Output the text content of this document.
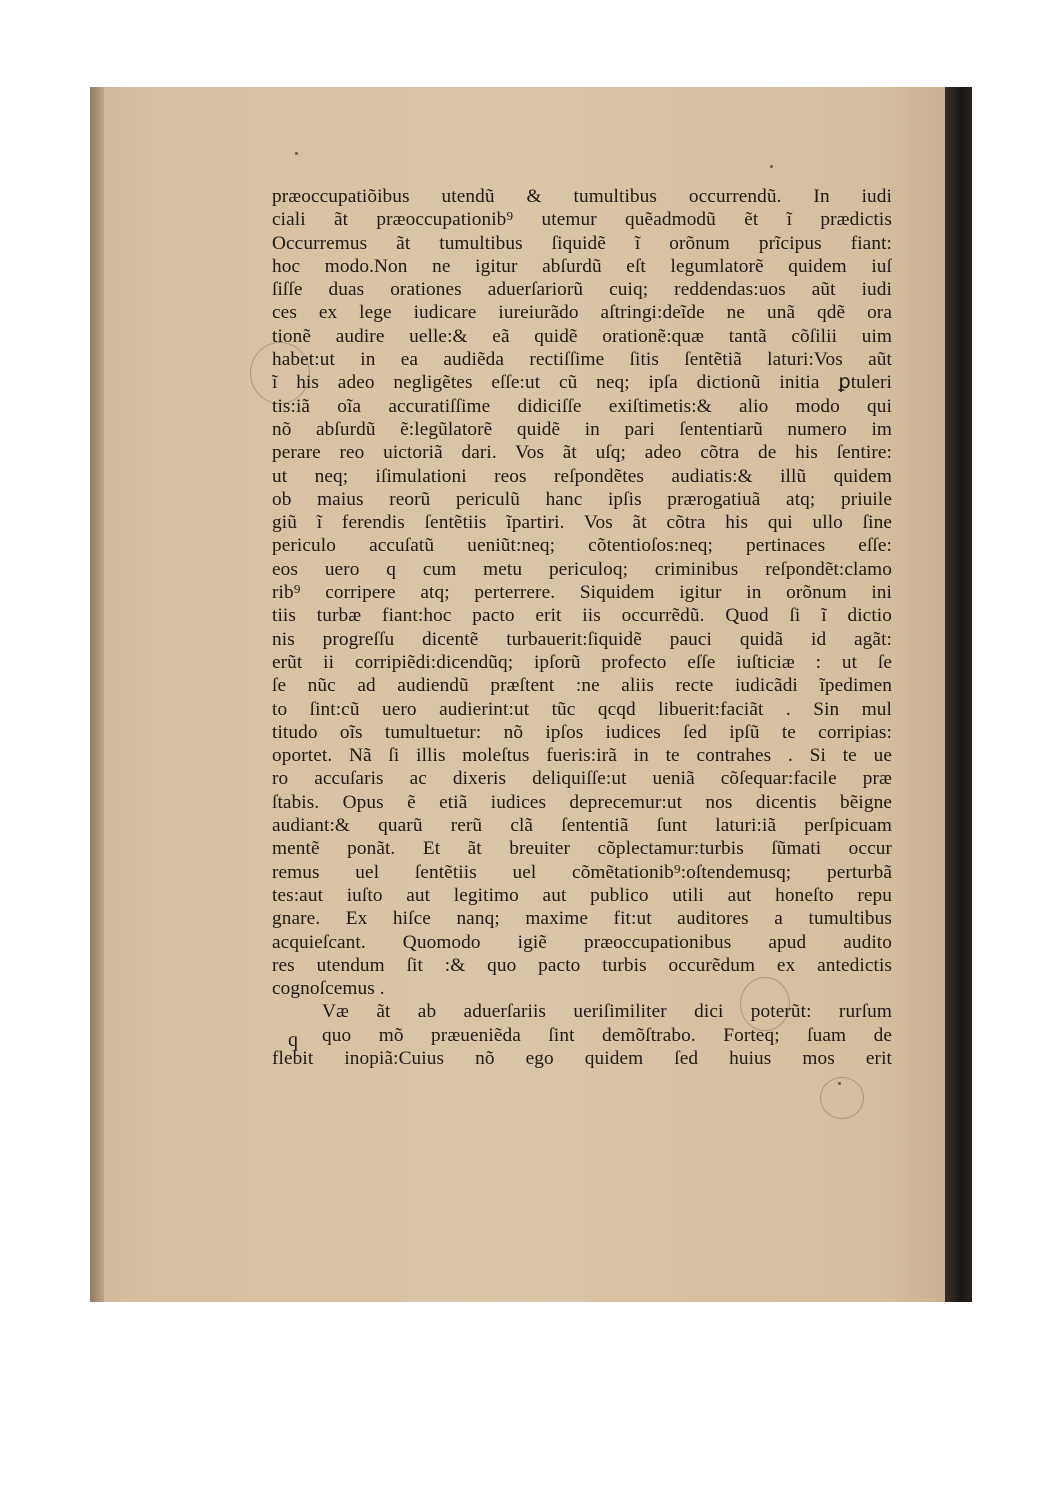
præoccupatiõibus utendũ & tumultibus occurrendũ. In iudi
ciali ãt præoccupationib⁹ utemur quẽadmodũ ẽt ĩ prædictis
Occurremus ãt tumultibus ſiquidẽ ĩ orõnum prĩcipus fiant:
hoc modo.Non ne igitur abſurdũ eſt legumlatorẽ quidem iuſ
ſiſſe duas orationes aduerſariorũ cuiq; reddendas:uos aũt iudi
ces ex lege iudicare iureiurãdo aſtringi:deĩde ne unã qdẽ ora
tionẽ audire uelle:& eã quidẽ orationẽ:quæ tantã cõſilii uim
habet:ut in ea audiẽda rectiſſime ſitis ſentẽtiã laturi:Vos aũt
ĩ his adeo negligẽtes eſſe:ut cũ neq; ipſa dictionũ initia ꝑtuleri
tis:iã oĩa accuratiſſime didiciſſe exiſtimetis:& alio modo qui
nõ abſurdũ ẽ:legũlatorẽ quidẽ in pari ſententiarũ numero im
perare reo uictoriã dari. Vos ãt uſq; adeo cõtra de his ſentire:
ut neq; iſimulationi reos reſpondẽtes audiatis:& illũ quidem
ob maius reorũ periculũ hanc ipſis prærogatiuã atq; priuile
giũ ĩ ferendis ſentẽtiis ĩpartiri. Vos ãt cõtra his qui ullo ſine
periculo accuſatũ ueniũt:neq; cõtentioſos:neq; pertinaces eſſe:
eos uero q cum metu periculoq; criminibus reſpondẽt:clamo
rib⁹ corripere atq; perterrere. Siquidem igitur in orõnum ini
tiis turbæ fiant:hoc pacto erit iis occurrẽdũ. Quod ſi ĩ dictio
nis progreſſu dicentẽ turbauerit:ſiquidẽ pauci quidã id agãt:
erũt ii corripiẽdi:dicendũq; ipſorũ profecto eſſe iuſticiæ : ut ſe
ſe nũc ad audiendũ præſtent :ne aliis recte iudicãdi ĩpedimen
to ſint:cũ uero audierint:ut tũc qcqd libuerit:faciãt . Sin mul
titudo oĩs tumultuetur: nõ ipſos iudices ſed ipſũ te corripias:
oportet. Nã ſi illis moleſtus fueris:irã in te contrahes . Si te ue
ro accuſaris ac dixeris deliquiſſe:ut ueniã cõſequar:facile præ
ſtabis. Opus ẽ etiã iudices deprecemur:ut nos dicentis bẽigne
audiant:& quarũ rerũ clã ſententiã ſunt laturi:iã perſpicuam
mentẽ ponãt. Et ãt breuiter cõplectamur:turbis ſũmati occur
remus uel ſentẽtiis uel cõmẽtationib⁹:oſtendemusq; perturbã
tes:aut iuſto aut legitimo aut publico utili aut honeſto repu
gnare. Ex hiſce nanq; maxime fit:ut auditores a tumultibus
acquieſcant. Quomodo igiẽ præoccupationibus apud audito
res utendum ſit :& quo pacto turbis occurẽdum ex antedictis
cognoſcemus .
Væ ãt ab aduerſariis ueriſimiliter dici poterũt: rurſum
quo mõ præueniẽda ſint demõſtrabo. Forteq; ſuam de
flebit inopiã:Cuius nõ ego quidem ſed huius mos erit
q
